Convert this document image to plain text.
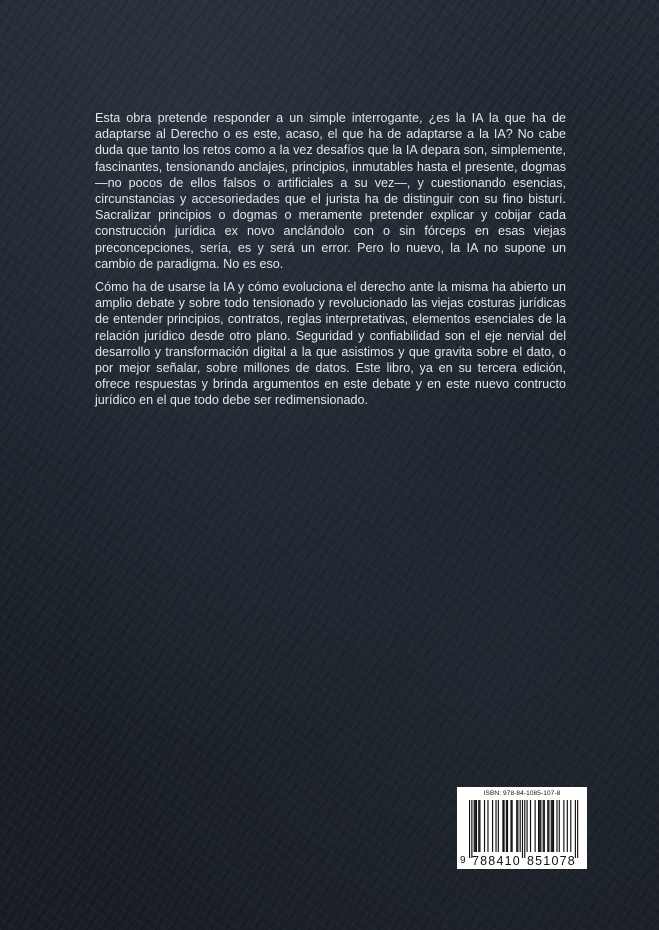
Esta obra pretende responder a un simple interrogante, ¿es la IA la que ha de adaptarse al Derecho o es este, acaso, el que ha de adaptarse a la IA? No cabe duda que tanto los retos como a la vez desafíos que la IA depara son, simplemente, fascinantes, tensionando anclajes, principios, inmutables hasta el presente, dogmas —no pocos de ellos falsos o artificiales a su vez—, y cuestionando esencias, circunstancias y accesoriedades que el jurista ha de distinguir con su fino bisturí. Sacralizar principios o dogmas o meramente pretender explicar y cobijar cada construcción jurídica ex novo anclándolo con o sin fórceps en esas viejas preconcepciones, sería, es y será un error. Pero lo nuevo, la IA no supone un cambio de paradigma. No es eso.

Cómo ha de usarse la IA y cómo evoluciona el derecho ante la misma ha abierto un amplio debate y sobre todo tensionado y revolucionado las viejas costuras jurídicas de entender principios, contratos, reglas interpretativas, elementos esenciales de la relación jurídico desde otro plano. Seguridad y confiabilidad son el eje nervial del desarrollo y transformación digital a la que asistimos y que gravita sobre el dato, o por mejor señalar, sobre millones de datos. Este libro, ya en su tercera edición, ofrece respuestas y brinda argumentos en este debate y en este nuevo contructo jurídico en el que todo debe ser redimensionado.

ISBN: 978-84-1085-107-8
9 788410 851078
